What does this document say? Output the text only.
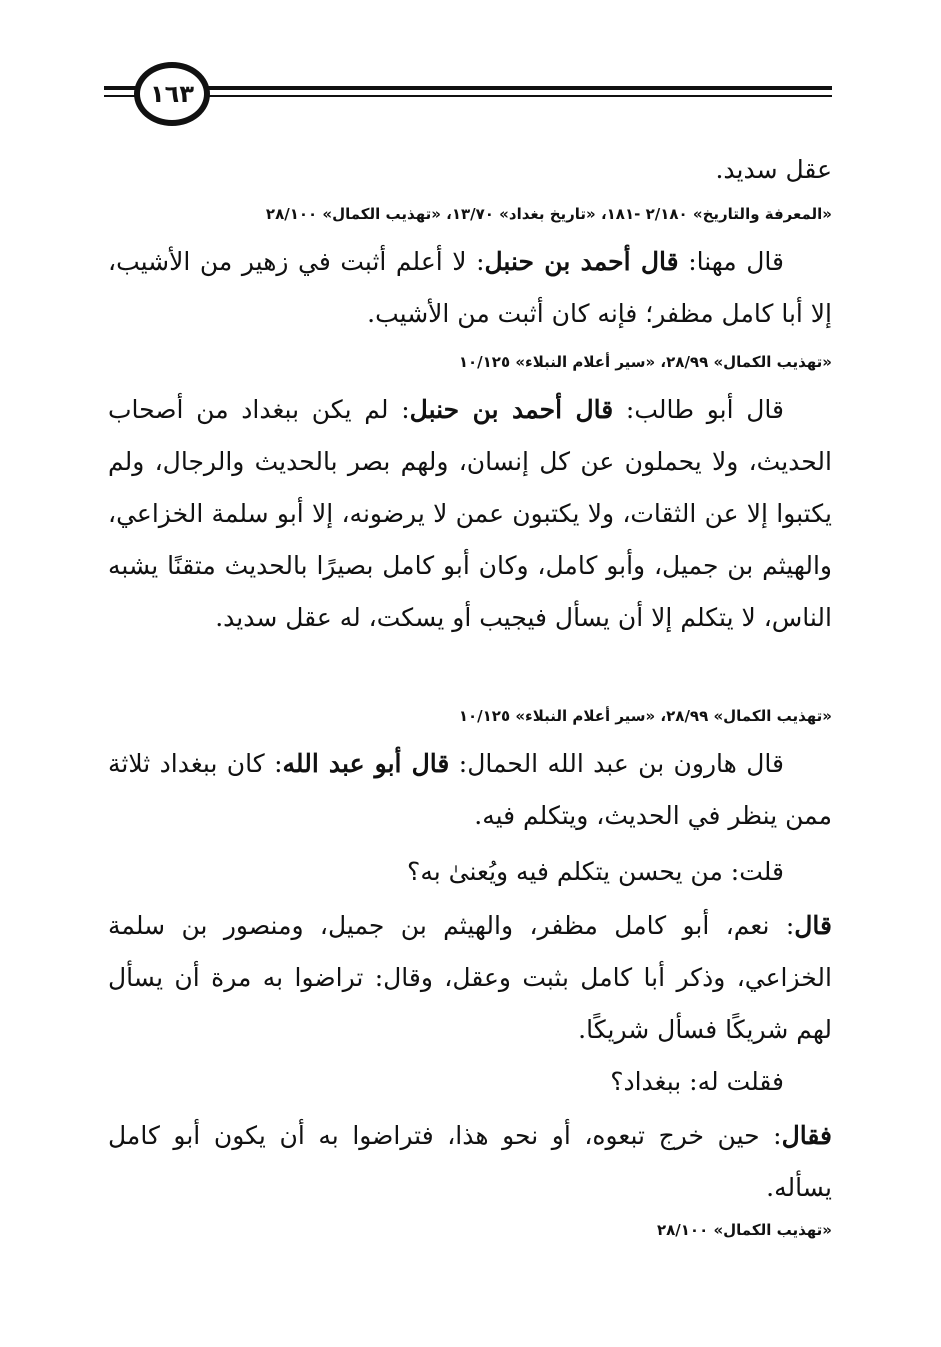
١٦٣
عقل سديد.
«المعرفة والتاريخ» ٢/١٨٠ -١٨١، «تاريخ بغداد» ١٣/٧٠، «تهذيب الكمال» ٢٨/١٠٠
قال مهنا: قال أحمد بن حنبل: لا أعلم أثبت في زهير من الأشيب، إلا أبا كامل مظفر؛ فإنه كان أثبت من الأشيب.
«تهذيب الكمال» ٢٨/٩٩، «سير أعلام النبلاء» ١٠/١٢٥
قال أبو طالب: قال أحمد بن حنبل: لم يكن ببغداد من أصحاب الحديث، ولا يحملون عن كل إنسان، ولهم بصر بالحديث والرجال، ولم يكتبوا إلا عن الثقات، ولا يكتبون عمن لا يرضونه، إلا أبو سلمة الخزاعي، والهيثم بن جميل، وأبو كامل، وكان أبو كامل بصيرًا بالحديث متقنًا يشبه الناس، لا يتكلم إلا أن يسأل فيجيب أو يسكت، له عقل سديد.
«تهذيب الكمال» ٢٨/٩٩، «سير أعلام النبلاء» ١٠/١٢٥
قال هارون بن عبد الله الحمال: قال أبو عبد الله: كان ببغداد ثلاثة ممن ينظر في الحديث، ويتكلم فيه.
قلت: من يحسن يتكلم فيه ويُعنىٰ به؟
قال: نعم، أبو كامل مظفر، والهيثم بن جميل، ومنصور بن سلمة الخزاعي، وذكر أبا كامل بثبت وعقل، وقال: تراضوا به مرة أن يسأل لهم شريكًا فسأل شريكًا.
فقلت له: ببغداد؟
فقال: حين خرج تبعوه، أو نحو هذا، فتراضوا به أن يكون أبو كامل يسأله.
«تهذيب الكمال» ٢٨/١٠٠
